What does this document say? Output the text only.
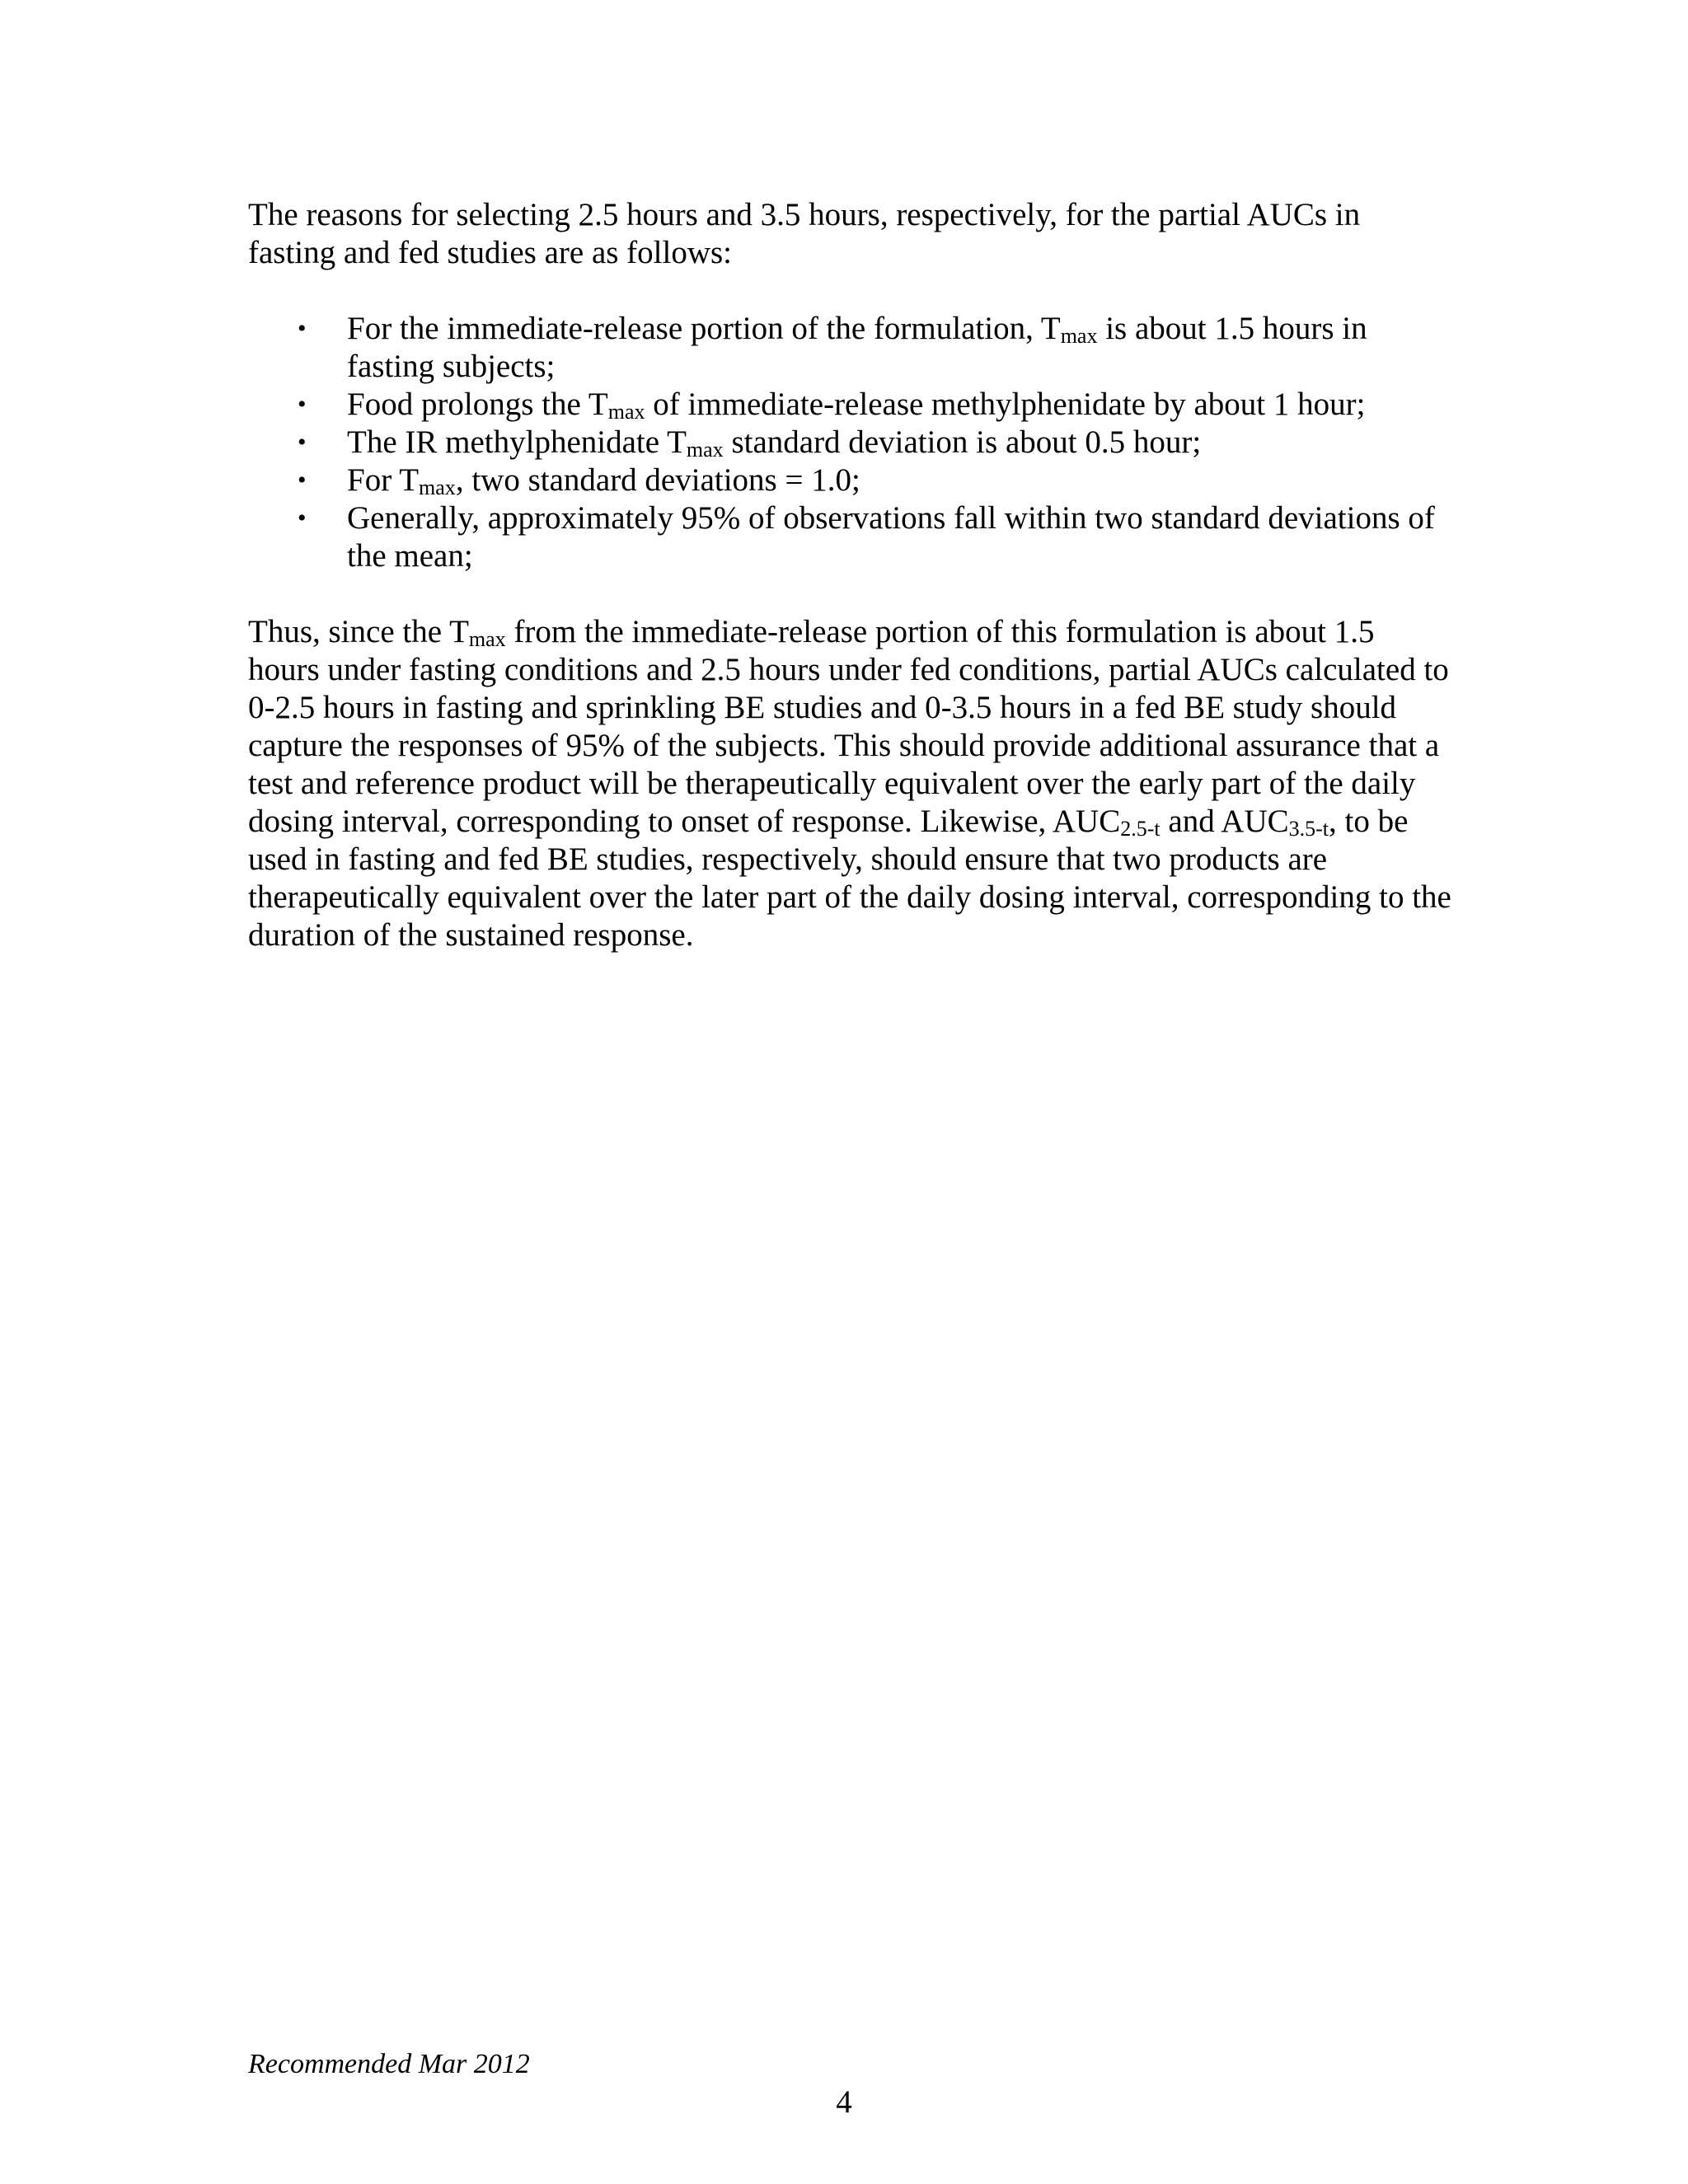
The reasons for selecting 2.5 hours and 3.5 hours, respectively, for the partial AUCs in fasting and fed studies are as follows:

• For the immediate-release portion of the formulation, $T_{max}$ is about 1.5 hours in fasting subjects;
• Food prolongs the $T_{max}$ of immediate-release methylphenidate by about 1 hour;
• The IR methylphenidate $T_{max}$ standard deviation is about 0.5 hour;
• For $T_{max}$, two standard deviations = 1.0;
• Generally, approximately 95% of observations fall within two standard deviations of the mean;

Thus, since the $T_{max}$ from the immediate-release portion of this formulation is about 1.5 hours under fasting conditions and 2.5 hours under fed conditions, partial AUCs calculated to 0-2.5 hours in fasting and sprinkling BE studies and 0-3.5 hours in a fed BE study should capture the responses of 95% of the subjects. This should provide additional assurance that a test and reference product will be therapeutically equivalent over the early part of the daily dosing interval, corresponding to onset of response. Likewise, $AUC_{2.5-t}$ and $AUC_{3.5-t}$, to be used in fasting and fed BE studies, respectively, should ensure that two products are therapeutically equivalent over the later part of the daily dosing interval, corresponding to the duration of the sustained response.

Recommended Mar 2012
4
